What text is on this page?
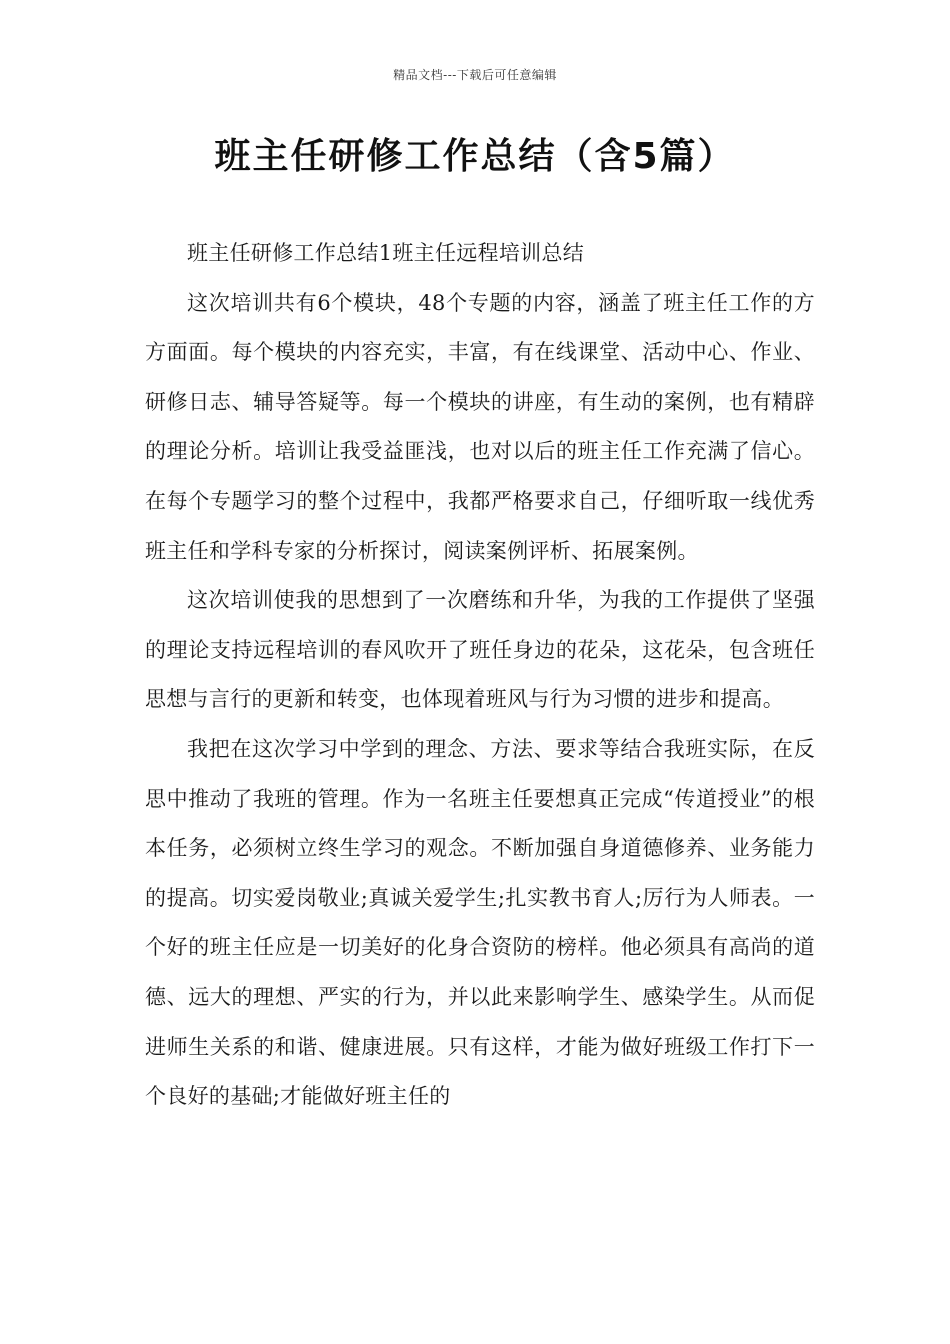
精品文档---下载后可任意编辑
班主任研修工作总结（含5篇）

班主任研修工作总结1班主任远程培训总结

这次培训共有6个模块，48个专题的内容，涵盖了班主任工作的方方面面。每个模块的内容充实，丰富，有在线课堂、活动中心、作业、研修日志、辅导答疑等。每一个模块的讲座，有生动的案例，也有精辟的理论分析。培训让我受益匪浅，也对以后的班主任工作充满了信心。在每个专题学习的整个过程中，我都严格要求自己，仔细听取一线优秀班主任和学科专家的分析探讨，阅读案例评析、拓展案例。

这次培训使我的思想到了一次磨练和升华，为我的工作提供了坚强的理论支持远程培训的春风吹开了班任身边的花朵，这花朵，包含班任思想与言行的更新和转变，也体现着班风与行为习惯的进步和提高。

我把在这次学习中学到的理念、方法、要求等结合我班实际，在反思中推动了我班的管理。作为一名班主任要想真正完成“传道授业”的根本任务，必须树立终生学习的观念。不断加强自身道德修养、业务能力的提高。切实爱岗敬业;真诚关爱学生;扎实教书育人;厉行为人师表。一个好的班主任应是一切美好的化身合资防的榜样。他必须具有高尚的道德、远大的理想、严实的行为，并以此来影响学生、感染学生。从而促进师生关系的和谐、健康进展。只有这样，才能为做好班级工作打下一个良好的基础;才能做好班主任的
